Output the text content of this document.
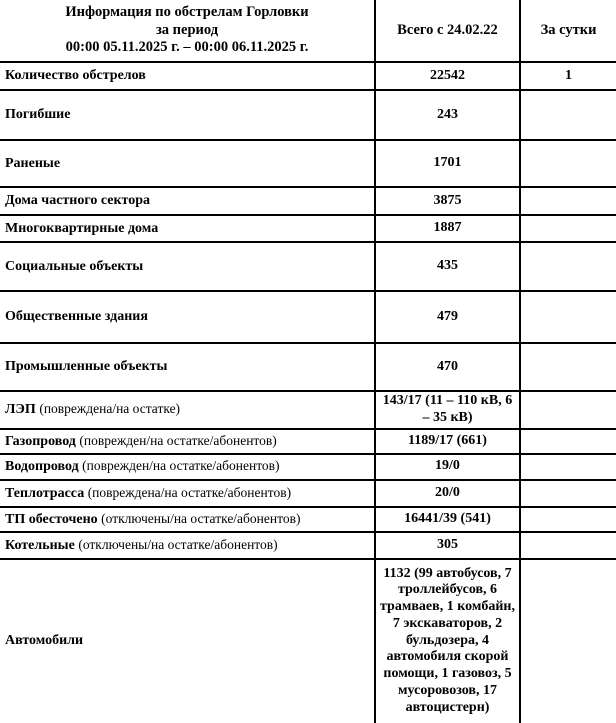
Информация по обстрелам Горловки
за период
00:00 05.11.2025 г. – 00:00 06.11.2025 г.	Всего с 24.02.22	За сутки
Количество обстрелов	22542	1
Погибшие	243	
Раненые	1701	
Дома частного сектора	3875	
Многоквартирные дома	1887	
Социальные объекты	435	
Общественные здания	479	
Промышленные объекты	470	
ЛЭП (повреждена/на остатке)	143/17 (11 – 110 кВ, 6 – 35 кВ)	
Газопровод (поврежден/на остатке/абонентов)	1189/17 (661)	
Водопровод (поврежден/на остатке/абонентов)	19/0	
Теплотрасса (повреждена/на остатке/абонентов)	20/0	
ТП обесточено (отключены/на остатке/абонентов)	16441/39 (541)	
Котельные (отключены/на остатке/абонентов)	305	
Автомобили	1132 (99 автобусов, 7 троллейбусов, 6 трамваев, 1 комбайн, 7 экскаваторов, 2 бульдозера, 4 автомобиля скорой помощи, 1 газовоз, 5 мусоровозов, 17 автоцистерн)	
